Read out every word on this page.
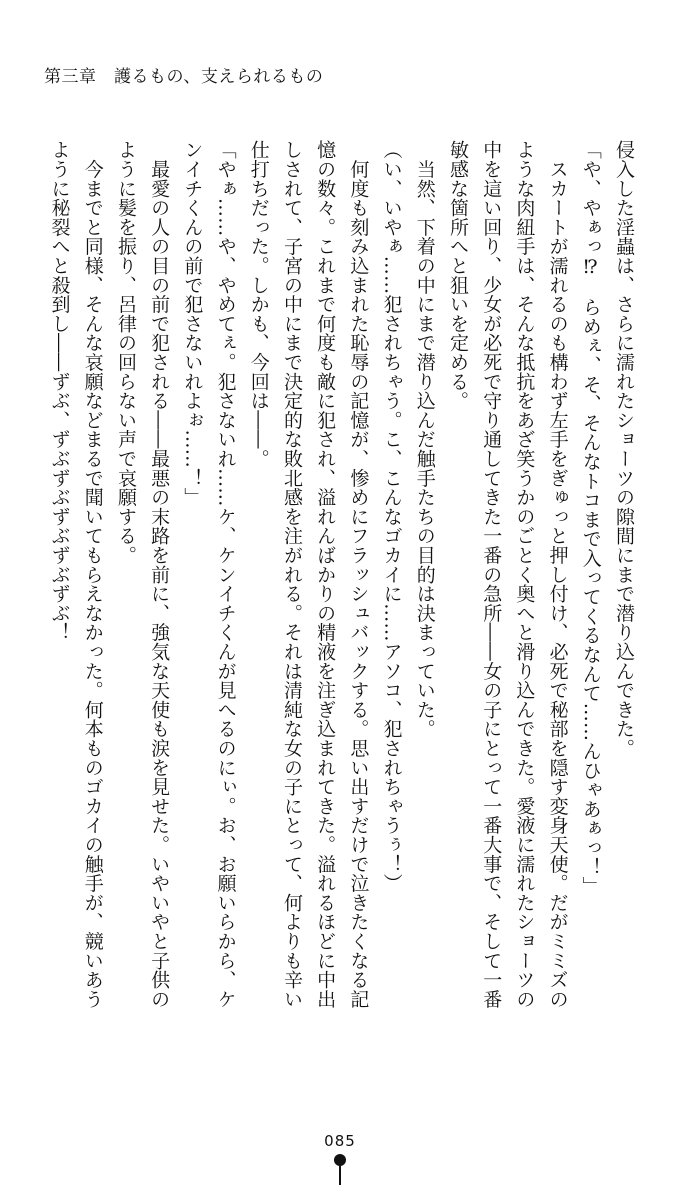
第三章　護るもの、支えられるもの

侵入した淫蟲は、さらに濡れたショーツの隙間にまで潜り込んできた。

「や、やぁっ⁉　らめぇ、そ、そんなトコまで入ってくるなんて……んひゃあぁっ！」

　スカートが濡れるのも構わず左手をぎゅっと押し付け、必死で秘部を隠す変身天使。だがミミズのような肉紐手は、そんな抵抗をあざ笑うかのごとく奥へと滑り込んできた。愛液に濡れたショーツの中を這い回り、少女が必死で守り通してきた一番の急所――女の子にとって一番大事で、そして一番敏感な箇所へと狙いを定める。

　当然、下着の中にまで潜り込んだ触手たちの目的は決まっていた。

（い、いやぁ……犯されちゃう。こ、こんなゴカイに……アソコ、犯されちゃうぅ！）

　何度も刻み込まれた恥辱の記憶が、惨めにフラッシュバックする。思い出すだけで泣きたくなる記憶の数々。これまで何度も敵に犯され、溢れんばかりの精液を注ぎ込まれてきた。溢れるほどに中出しされて、子宮の中にまで決定的な敗北感を注がれる。それは清純な女の子にとって、何よりも辛い仕打ちだった。しかも、今回は――。

「やぁ……や、やめてぇ。犯さないれ……ケ、ケンイチくんが見へるのにぃ。お、お願いらから、ケンイチくんの前で犯さないれよぉ……！」

　最愛の人の目の前で犯される――最悪の末路を前に、強気な天使も涙を見せた。いやいやと子供のように髪を振り、呂律の回らない声で哀願する。

　今までと同様、そんな哀願などまるで聞いてもらえなかった。何本ものゴカイの触手が、競いあうように秘裂へと殺到し――ずぶ、ずぶずぶずぶずぶずぶ！

085
